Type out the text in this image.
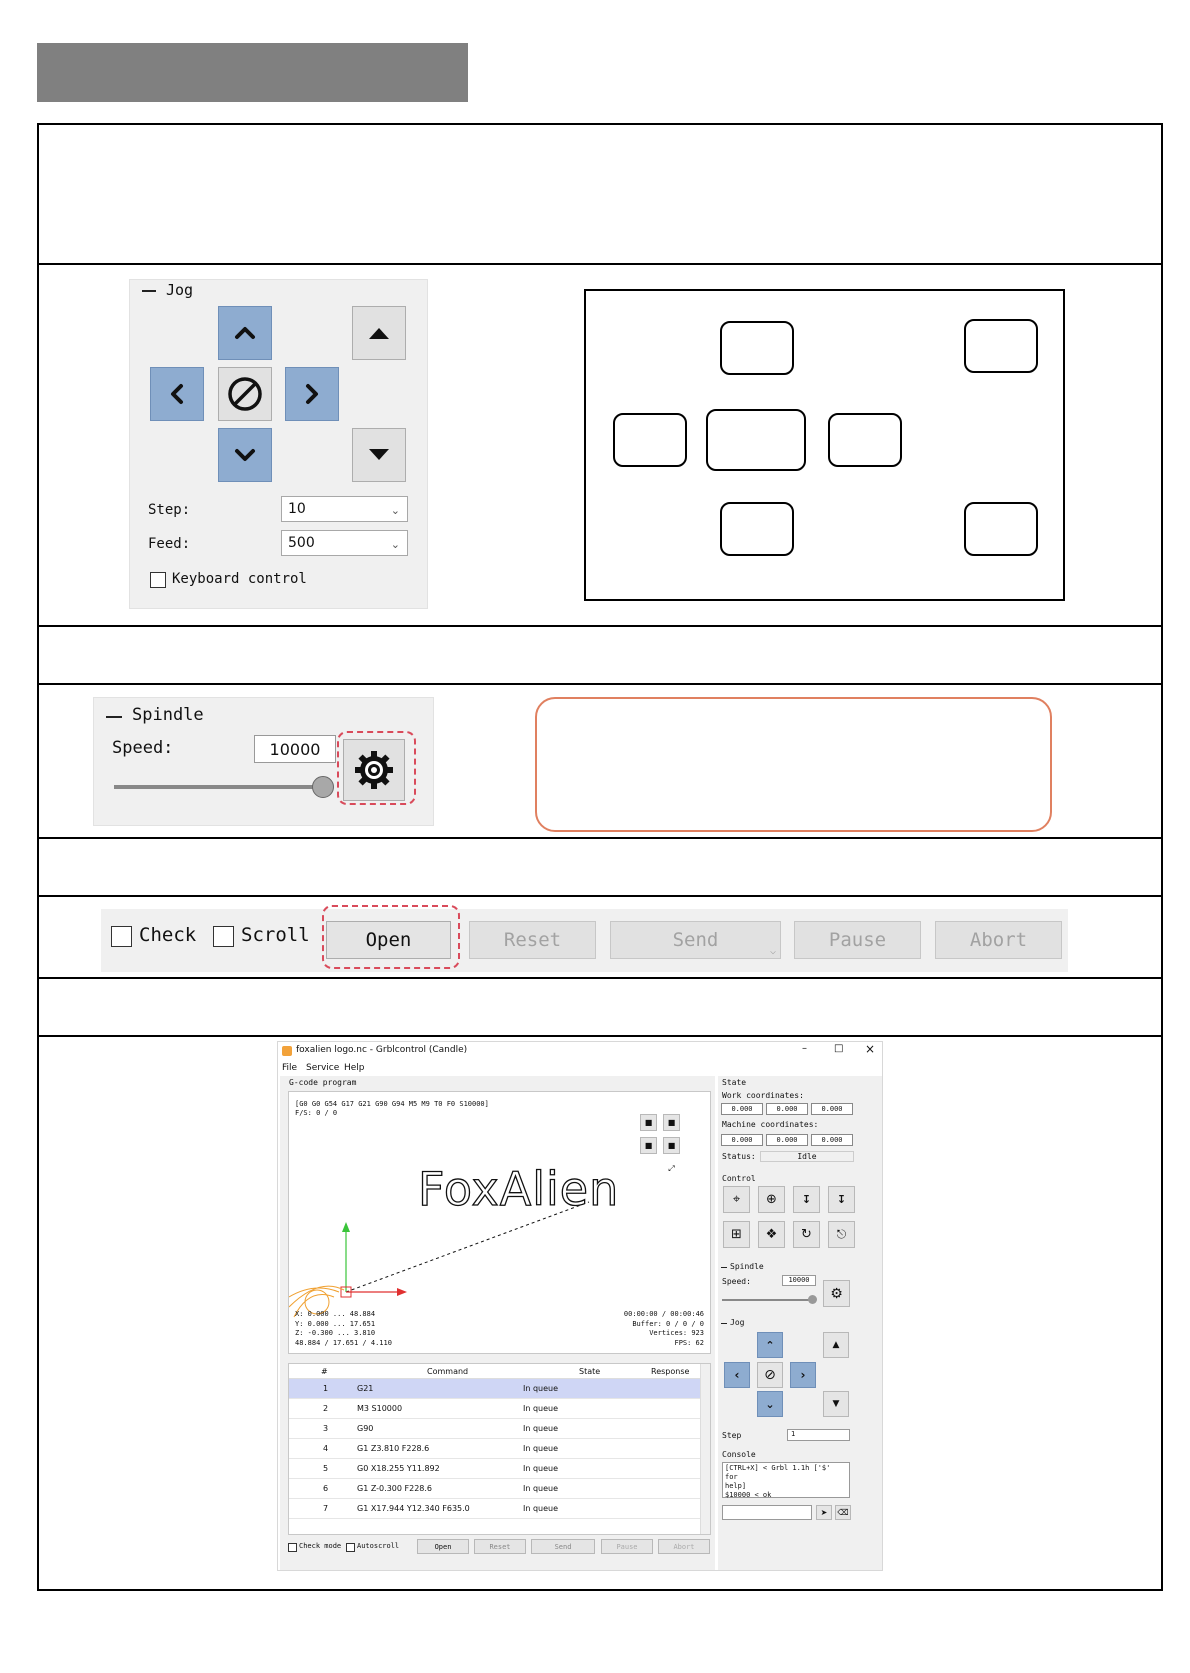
Jog
Step:	10	⌄
Feed:	500	⌄
Keyboard control
Spindle
Speed:	10000
Check Scroll	Open	Reset	Send
⌵
Pause	Abort
foxalien logo.nc - Grblcontrol (Candle)	–	□ ×
File Service Help
G-code program
[G0 G0 G54 G17 G21 G90 G94 M5 M9 T0 F0 S10000]
F/S: 0 / 0
FoxAlien
■ ■
■ ■
⤢
X: 0.000 ... 48.884
Y: 0.000 ... 17.651
Z: -0.300 ... 3.810
48.884 / 17.651 / 4.110
00:00:00 / 00:00:46
Buffer: 0 / 0 / 0
Vertices: 923
FPS: 62
#	Command	State	Response
1	G21	In queue
2	M3 S10000	In queue
3	G90	In queue
4	G1 Z3.810 F228.6	In queue
5	G0 X18.255 Y11.892	In queue
6	G1 Z-0.300 F228.6	In queue
7	G1 X17.944 Y12.340 F635.0	In queue
Check mode Autoscroll	Open	Reset	Send	Pause	Abort
State
Work coordinates:
0.000	0.000	0.000
Machine coordinates:
0.000	0.000	0.000
Status:	Idle
Control
⌖ ⊕ ↧ ↧
⊞ ❖ ↻ ⎋
Spindle
Speed:	10000
⚙
Jog
⌃
⌄
‹ ⊘ ›
▲
▼
Step	1
Console
[CTRL+X] < Grbl 1.1h ['$' for
help]
$10000 < ok
➤ ⌫
